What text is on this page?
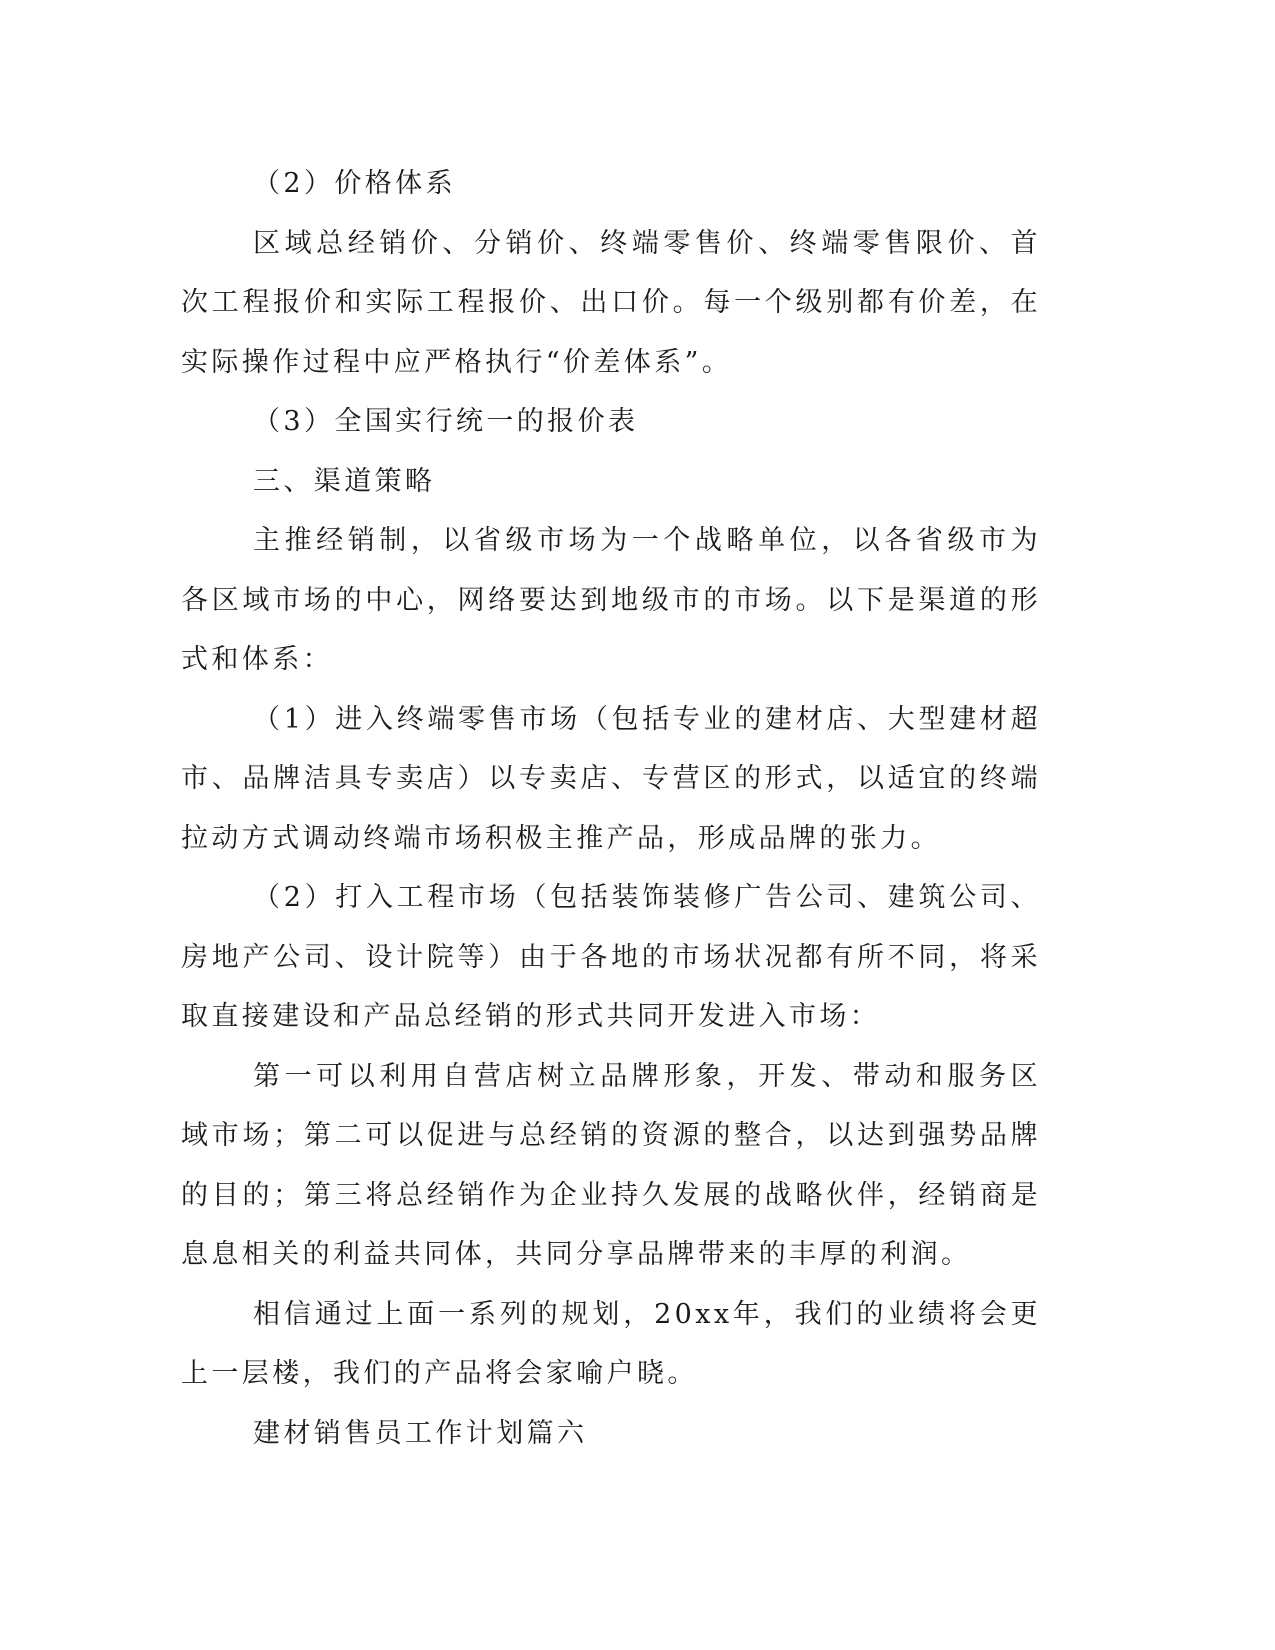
（2）价格体系

区域总经销价、分销价、终端零售价、终端零售限价、首次工程报价和实际工程报价、出口价。每一个级别都有价差，在实际操作过程中应严格执行“价差体系”。

（3）全国实行统一的报价表

三、渠道策略

主推经销制，以省级市场为一个战略单位，以各省级市为各区域市场的中心，网络要达到地级市的市场。以下是渠道的形式和体系：

（1）进入终端零售市场（包括专业的建材店、大型建材超市、品牌洁具专卖店）以专卖店、专营区的形式，以适宜的终端拉动方式调动终端市场积极主推产品，形成品牌的张力。

（2）打入工程市场（包括装饰装修广告公司、建筑公司、房地产公司、设计院等）由于各地的市场状况都有所不同，将采取直接建设和产品总经销的形式共同开发进入市场：

第一可以利用自营店树立品牌形象，开发、带动和服务区域市场；第二可以促进与总经销的资源的整合，以达到强势品牌的目的；第三将总经销作为企业持久发展的战略伙伴，经销商是息息相关的利益共同体，共同分享品牌带来的丰厚的利润。

相信通过上面一系列的规划，20xx年，我们的业绩将会更上一层楼，我们的产品将会家喻户晓。

建材销售员工作计划篇六
